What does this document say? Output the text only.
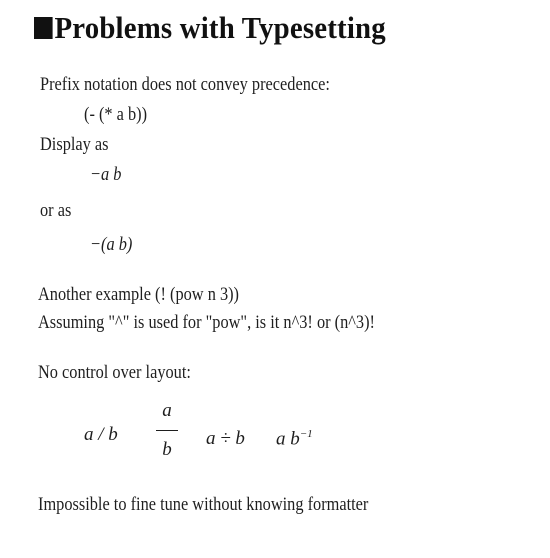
Problems with Typesetting
Prefix notation does not convey precedence:
(- (* a b))
Display as
−a b
or as
−(a b)
Another example (! (pow n 3))
Assuming "^" is used for "pow", is it n^3! or (n^3)!
No control over layout:
a / b
a
b
a ÷ b a $b^{-1}$
Impossible to fine tune without knowing formatter
